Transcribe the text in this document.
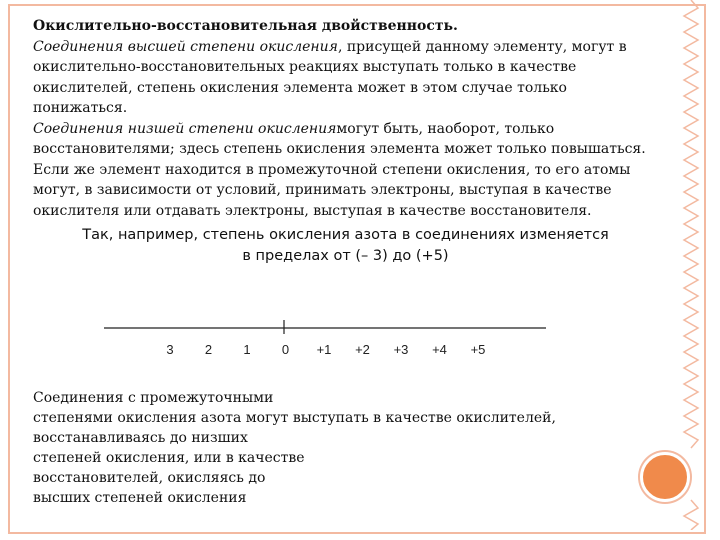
Окислительно-восстановительная двойственность.

Соединения высшей степени окисления, присущей данному элементу, могут в окислительно-восстановительных реакциях выступать только в качестве окислителей, степень окисления элемента может в этом случае только понижаться.

Соединения низшей степени окислениямогут быть, наоборот, только восстановителями; здесь степень окисления элемента может только повышаться. Если же элемент находится в промежуточной степени окисления, то его атомы могут, в зависимости от условий, принимать электроны, выступая в качестве окислителя или отдавать электроны, выступая в качестве восстановителя.

Так, например, степень окисления азота в соединениях изменяется

в пределах от (– 3) до (+5)

3 2 1 0 +1 +2 +3 +4 +5

Соединения с промежуточными

степенями окисления азота могут выступать в качестве окислителей,

восстанавливаясь до низших

степеней окисления, или в качестве

восстановителей, окисляясь до

высших степеней окисления
